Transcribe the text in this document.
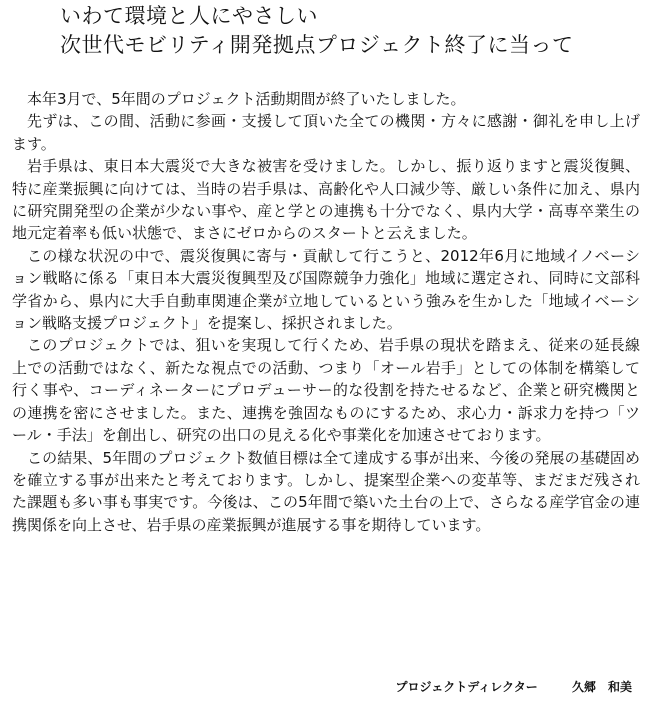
いわて環境と人にやさしい
次世代モビリティ開発拠点プロジェクト終了に当って

本年3月で、5年間のプロジェクト活動期間が終了いたしました。

先ずは、この間、活動に参画・支援して頂いた全ての機関・方々に感謝・御礼を申し上げます。

岩手県は、東日本大震災で大きな被害を受けました。しかし、振り返りますと震災復興、特に産業振興に向けては、当時の岩手県は、高齢化や人口減少等、厳しい条件に加え、県内に研究開発型の企業が少ない事や、産と学との連携も十分でなく、県内大学・高専卒業生の地元定着率も低い状態で、まさにゼロからのスタートと云えました。

この様な状況の中で、震災復興に寄与・貢献して行こうと、2012年6月に地域イノベーション戦略に係る「東日本大震災復興型及び国際競争力強化」地域に選定され、同時に文部科学省から、県内に大手自動車関連企業が立地しているという強みを生かした「地域イベーション戦略支援プロジェクト」を提案し、採択されました。

このプロジェクトでは、狙いを実現して行くため、岩手県の現状を踏まえ、従来の延長線上での活動ではなく、新たな視点での活動、つまり「オール岩手」としての体制を構築して行く事や、コーディネーターにプロデューサー的な役割を持たせるなど、企業と研究機関との連携を密にさせました。また、連携を強固なものにするため、求心力・訴求力を持つ「ツール・手法」を創出し、研究の出口の見える化や事業化を加速させております。

この結果、5年間のプロジェクト数値目標は全て達成する事が出来、今後の発展の基礎固めを確立する事が出来たと考えております。しかし、提案型企業への変革等、まだまだ残された課題も多い事も事実です。今後は、この5年間で築いた土台の上で、さらなる産学官金の連携関係を向上させ、岩手県の産業振興が進展する事を期待しています。

プロジェクトディレクター	久郷　和美
